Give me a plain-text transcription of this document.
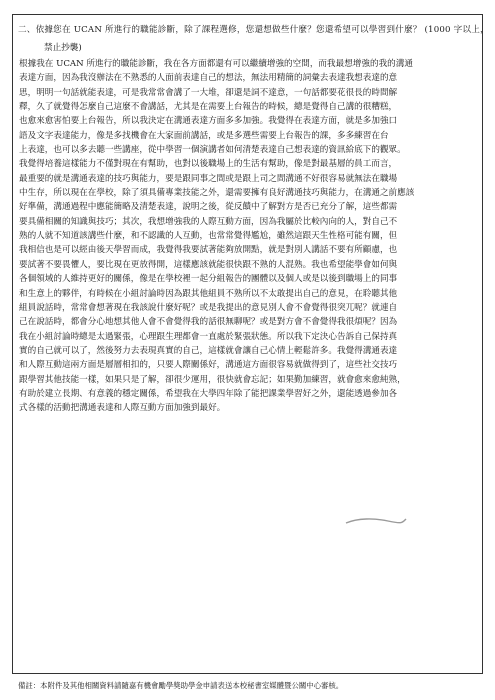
二、依據您在 UCAN 所進行的職能診斷，除了課程選修，您還想做些什麼？您還希望可以學習到什麼？ (1000 字以上，
禁止抄襲)
根據我在 UCAN 所進行的職能診斷，我在各方面都還有可以繼續增強的空間，而我最想增強的我的溝通
表達方面，因為我沒辦法在不熟悉的人面前表達自己的想法，無法用精簡的詞彙去表達我想表達的意
思，明明一句話就能表達，可是我常常會講了一大堆，卻還是詞不達意，一句話都要花很長的時間解
釋，久了就覺得怎麼自己這麼不會講話，尤其是在需要上台報告的時候，總是覺得自己講的很糟糕，
也愈來愈害怕要上台報告，所以我決定在溝通表達方面多多加強。我覺得在表達方面，就是多加強口
語及文字表達能力，像是多找機會在大家面前講話，或是多選些需要上台報告的課，多多練習在台
上表達，也可以多去聽一些講座，從中學習一個演講者如何清楚表達自己想表達的資訊給底下的觀眾。
我覺得培養這樣能力不僅對現在有幫助，也對以後職場上的生活有幫助，像是對最基層的員工而言，
最重要的就是溝通表達的技巧與能力，要是跟同事之間或是跟上司之間溝通不好很容易就無法在職場
中生存，所以現在在學校，除了須具備專業技能之外，還需要擁有良好溝通技巧與能力，在溝通之前應該
好準備，溝通過程中應能簡略及清楚表達，說明之後，從反饋中了解對方是否已充分了解，這些都需
要具備相關的知識與技巧；其次，我想增強我的人際互動方面，因為我屬於比較內向的人，對自己不
熟的人就不知道該講些什麼，和不認識的人互動，也常常覺得尷尬，雖然這跟天生性格可能有關，但
我相信也是可以經由後天學習而成，我覺得我要試著能夠放開點，就是對別人講話不要有所顧慮，也
要試著不要畏懼人，要比現在更放得開，這樣應該就能很快跟不熟的人混熟。我也希望能學會如何與
各個領域的人維持更好的關係，像是在學校裡一起分組報告的團體以及個人或是以後到職場上的同事
和生意上的夥伴，有時候在小組討論時因為跟其他組員不熟所以不太敢提出自己的意見，在聆聽其他
組員說話時，常常會想著現在我該說什麼好呢？或是我提出的意見別人會不會覺得很突兀呢？就連自
己在說話時，都會分心地想其他人會不會覺得我的話很無聊呢？或是對方會不會覺得我很煩呢？因為
我在小組討論時總是太過緊張，心理跟生理都會一直處於緊張狀態。所以我下定決心告訴自己保持真
實的自己就可以了，然後努力去表現真實的自己，這樣就會讓自己心情上輕鬆許多。我覺得溝通表達
和人際互動這兩方面是層層相扣的，只要人際關係好，溝通這方面很容易就做得到了，這些社交技巧
跟學習其他技能一樣，如果只是了解，卻很少運用，很快就會忘記；如果勤加練習，就會愈來愈純熟，
有助於建立長期、有意義的穩定關係，希望我在大學四年除了能把課業學習好之外，還能透過參加各
式各樣的活動把溝通表達和人際互動方面加強到最好。
備註：本附件及其他相關資料請隨嘉有機會勵學獎助學金申請表送本校秘書室媒體暨公關中心審核。
